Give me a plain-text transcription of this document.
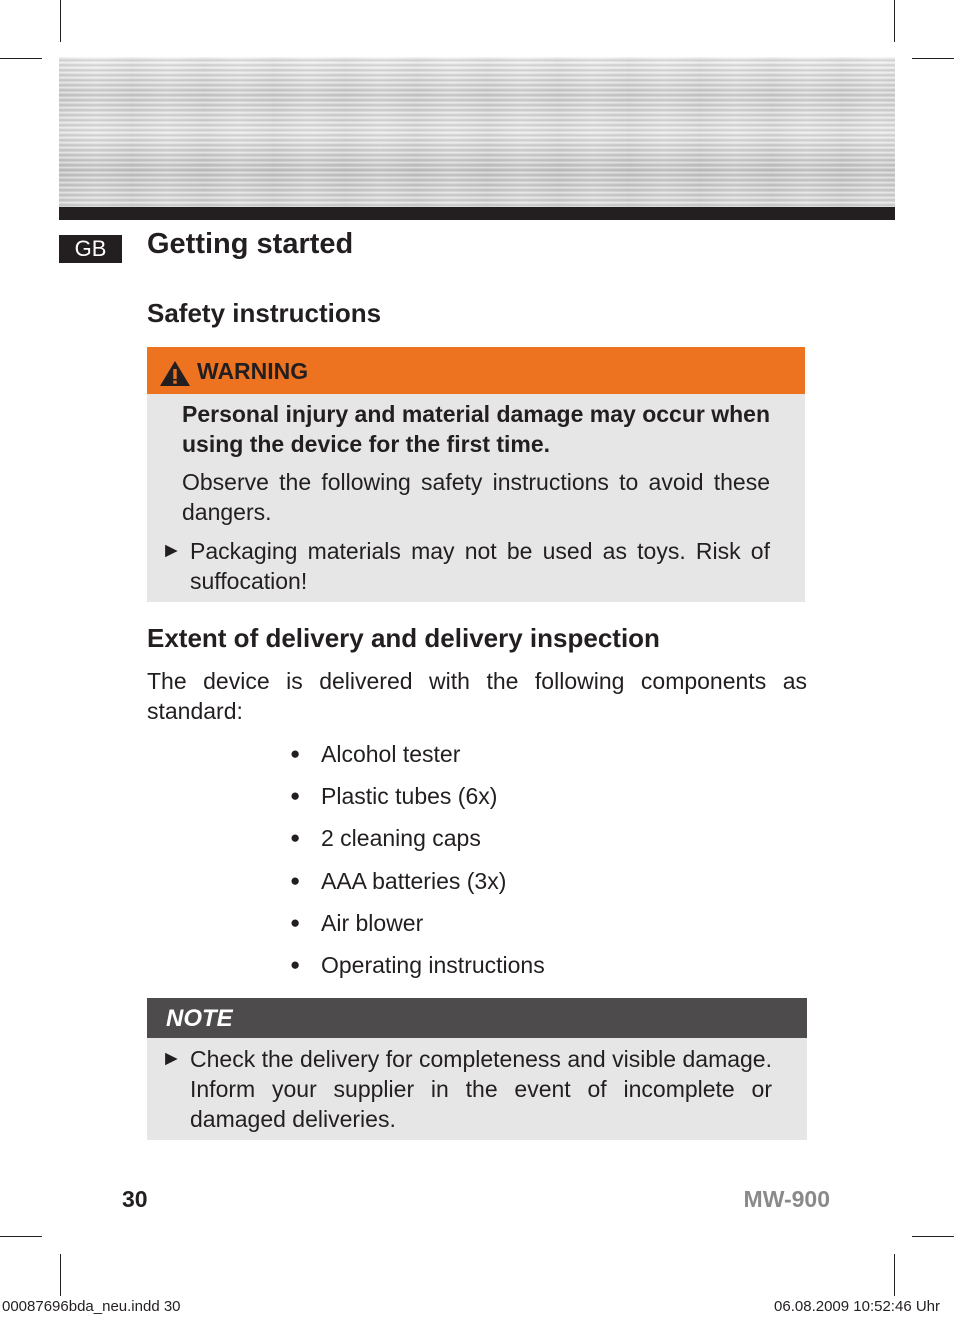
GB	Getting started
Safety instructions
WARNING
Personal injury and material damage may occur when using the device for the first time.
Observe the following safety instructions to avoid these dangers.
► Packaging materials may not be used as toys. Risk of suffocation!
Extent of delivery and delivery inspection
The device is delivered with the following components as standard:
● Alcohol tester
● Plastic tubes (6x)
● 2 cleaning caps
● AAA batteries (3x)
● Air blower
● Operating instructions
NOTE
► Check the delivery for completeness and visible damage. Inform your supplier in the event of incomplete or damaged deliveries.
30	MW-900
00087696bda_neu.indd 30	06.08.2009 10:52:46 Uhr
